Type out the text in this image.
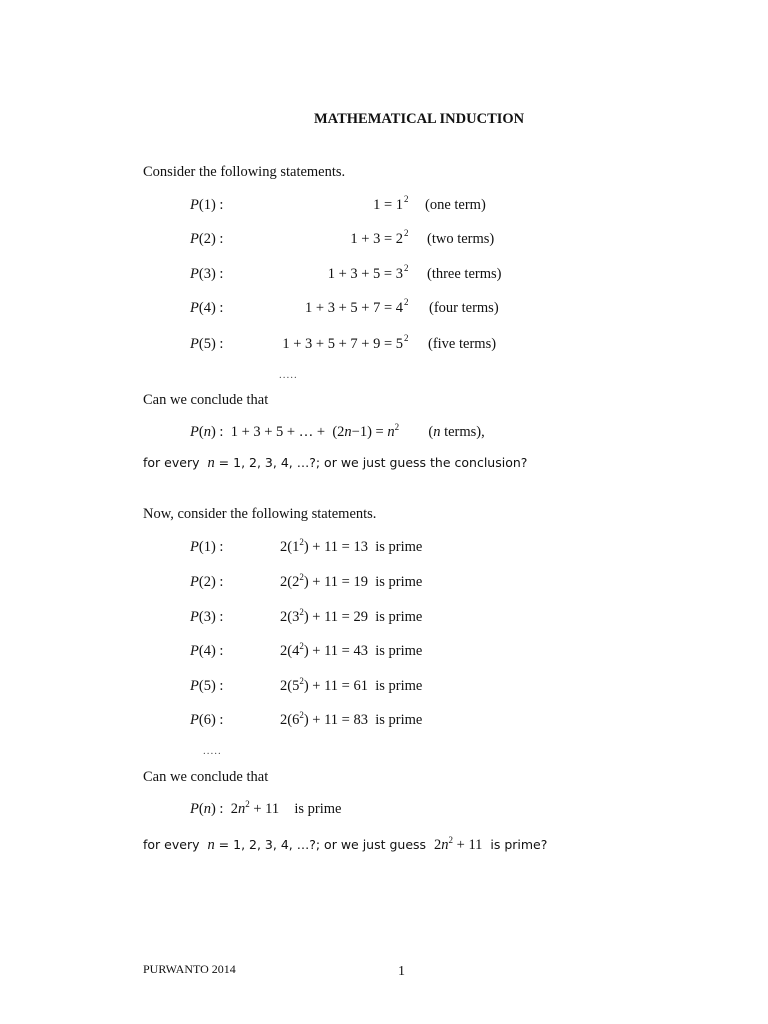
MATHEMATICAL INDUCTION
Consider the following statements.
P(1) :	1 = 1 2 (one term)
P(2) :	1 + 3 = 2 2 (two terms)
P(3) :	1 + 3 + 5 = 3 2 (three terms)
P(4) :	1 + 3 + 5 + 7 = 4 2 (four terms)
P(5) :	1 + 3 + 5 + 7 + 9 = 5 2 (five terms)
.....
Can we conclude that
P(n) : 1 + 3 + 5 + … + $(2n-1) = n^2$ (n terms),
for every n = 1, 2, 3, 4, …?; or we just guess the conclusion?
Now, consider the following statements.
P(1) :	$2(1^2) + 11 = 13$ is prime
P(2) :	$2(2^2) + 11 = 19$ is prime
P(3) :	$2(3^2) + 11 = 29$ is prime
P(4) :	$2(4^2) + 11 = 43$ is prime
P(5) :	$2(5^2) + 11 = 61$ is prime
P(6) :	$2(6^2) + 11 = 83$ is prime
.....
Can we conclude that
P(n) : $2n^2 + 11$ is prime
for every n = 1, 2, 3, 4, …?; or we just guess $2n^2 + 11$ is prime?
PURWANTO 2014	1
